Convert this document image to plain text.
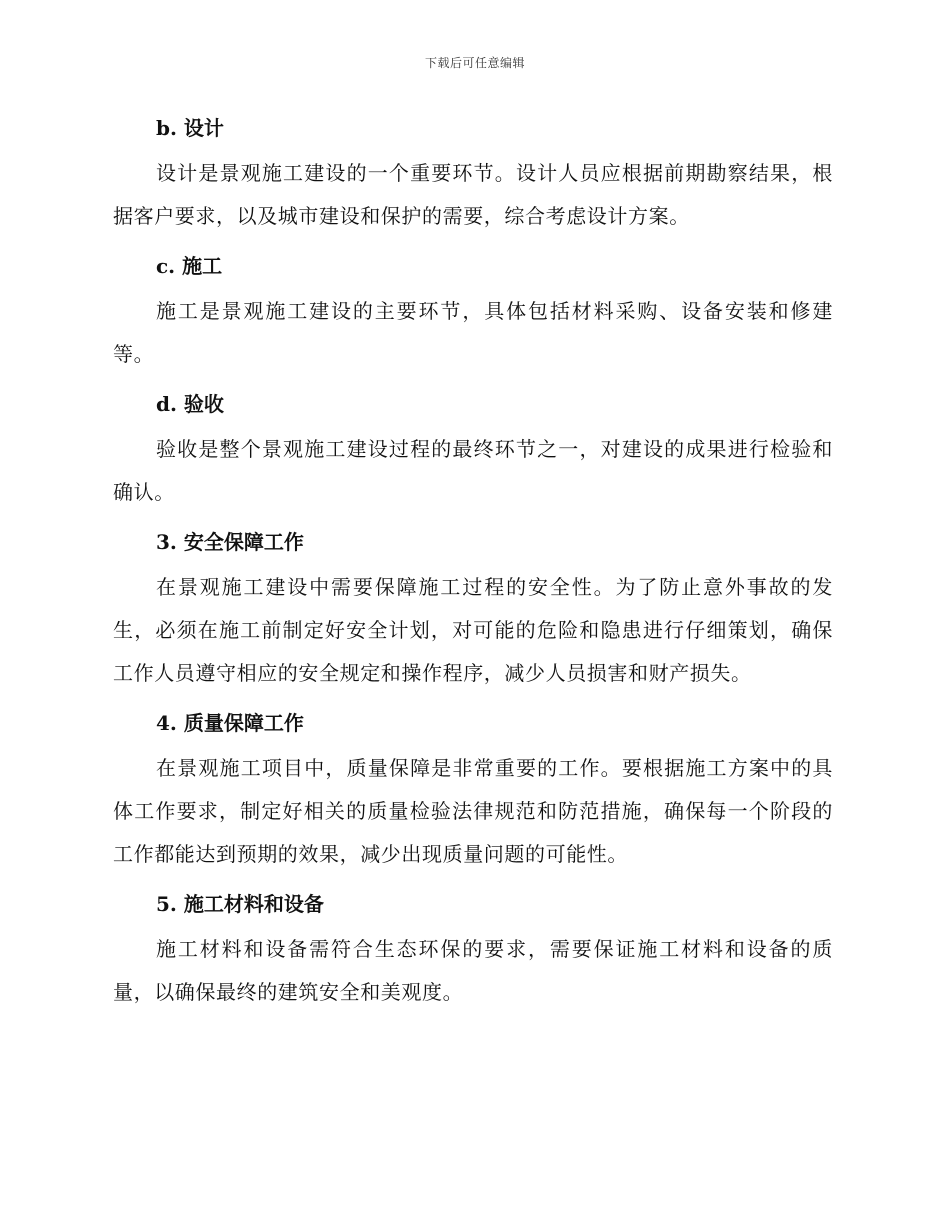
下载后可任意编辑
b. 设计

设计是景观施工建设的一个重要环节。设计人员应根据前期勘察结果，根据客户要求，以及城市建设和保护的需要，综合考虑设计方案。

c. 施工

施工是景观施工建设的主要环节，具体包括材料采购、设备安装和修建等。

d. 验收

验收是整个景观施工建设过程的最终环节之一，对建设的成果进行检验和确认。

3. 安全保障工作

在景观施工建设中需要保障施工过程的安全性。为了防止意外事故的发生，必须在施工前制定好安全计划，对可能的危险和隐患进行仔细策划，确保工作人员遵守相应的安全规定和操作程序，减少人员损害和财产损失。

4. 质量保障工作

在景观施工项目中，质量保障是非常重要的工作。要根据施工方案中的具体工作要求，制定好相关的质量检验法律规范和防范措施，确保每一个阶段的工作都能达到预期的效果，减少出现质量问题的可能性。

5. 施工材料和设备

施工材料和设备需符合生态环保的要求，需要保证施工材料和设备的质量，以确保最终的建筑安全和美观度。
